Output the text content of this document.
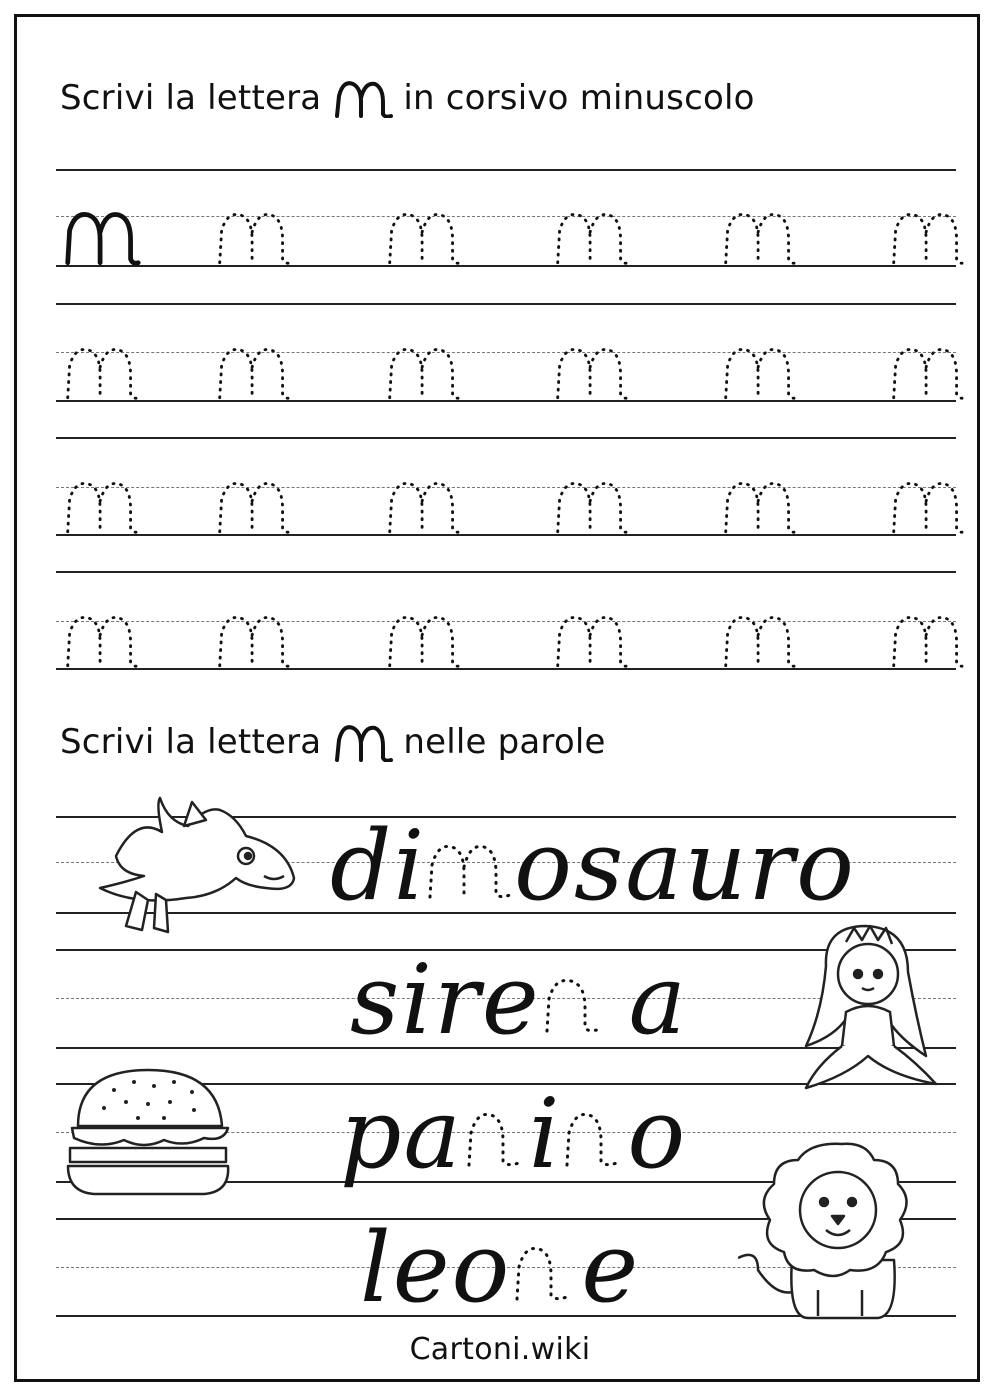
Scrivi la lettera in corsivo minuscolo
Scrivi la lettera nelle parole
di osauro
sire a
pa i o
leo e
Cartoni.wiki
